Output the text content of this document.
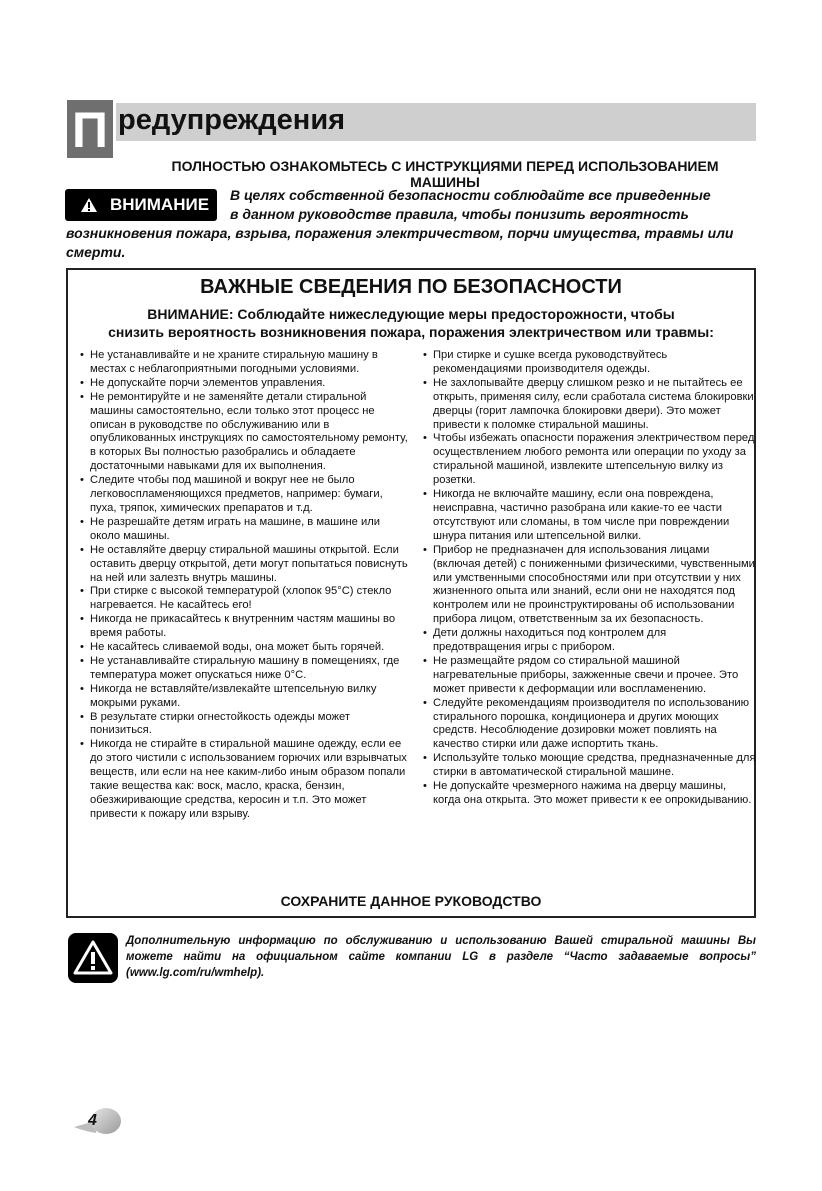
П редупреждения
ПОЛНОСТЬЮ ОЗНАКОМЬТЕСЬ С ИНСТРУКЦИЯМИ ПЕРЕД ИСПОЛЬЗОВАНИЕМ МАШИНЫ
ВНИМАНИЕ В целях собственной безопасности соблюдайте все приведенные
в данном руководстве правила, чтобы понизить вероятность
возникновения пожара, взрыва, поражения электричеством, порчи имущества, травмы или смерти.
ВАЖНЫЕ СВЕДЕНИЯ ПО БЕЗОПАСНОСТИ
ВНИМАНИЕ: Соблюдайте нижеследующие меры предосторожности, чтобы
снизить вероятность возникновения пожара, поражения электричеством или травмы:
• Не устанавливайте и не храните стиральную машину в местах с неблагоприятными погодными условиями.
• Не допускайте порчи элементов управления.
• Не ремонтируйте и не заменяйте детали стиральной машины самостоятельно, если только этот процесс не описан в руководстве по обслуживанию или в опубликованных инструкциях по самостоятельному ремонту, в которых Вы полностью разобрались и обладаете достаточными навыками для их выполнения.
• Следите чтобы под машиной и вокруг нее не было легковоспламеняющихся предметов, например: бумаги, пуха, тряпок, химических препаратов и т.д.
• Не разрешайте детям играть на машине, в машине или около машины.
• Не оставляйте дверцу стиральной машины открытой. Если оставить дверцу открытой, дети могут попытаться повиснуть на ней или залезть внутрь машины.
• При стирке с высокой температурой (хлопок 95°C) стекло нагревается. Не касайтесь его!
• Никогда не прикасайтесь к внутренним частям машины во время работы.
• Не касайтесь сливаемой воды, она может быть горячей.
• Не устанавливайте стиральную машину в помещениях, где температура может опускаться ниже 0°C.
• Никогда не вставляйте/извлекайте штепсельную вилку мокрыми руками.
• В результате стирки огнестойкость одежды может понизиться.
• Никогда не стирайте в стиральной машине одежду, если ее до этого чистили с использованием горючих или взрывчатых веществ, или если на нее каким-либо иным образом попали такие вещества как: воск, масло, краска, бензин, обезжиривающие средства, керосин и т.п. Это может привести к пожару или взрыву.
• При стирке и сушке всегда руководствуйтесь рекомендациями производителя одежды.
• Не захлопывайте дверцу слишком резко и не пытайтесь ее открыть, применяя силу, если сработала система блокировки дверцы (горит лампочка блокировки двери). Это может привести к поломке стиральной машины.
• Чтобы избежать опасности поражения электричеством перед осуществлением любого ремонта или операции по уходу за стиральной машиной, извлеките штепсельную вилку из розетки.
• Никогда не включайте машину, если она повреждена, неисправна, частично разобрана или какие-то ее части отсутствуют или сломаны, в том числе при повреждении шнура питания или штепсельной вилки.
• Прибор не предназначен для использования лицами (включая детей) с пониженными физическими, чувственными или умственными способностями или при отсутствии у них жизненного опыта или знаний, если они не находятся под контролем или не проинструктированы об использовании прибора лицом, ответственным за их безопасность.
• Дети должны находиться под контролем для предотвращения игры с прибором.
• Не размещайте рядом со стиральной машиной нагревательные приборы, зажженные свечи и прочее. Это может привести к деформации или воспламенению.
• Следуйте рекомендациям производителя по использованию стирального порошка, кондиционера и других моющих средств. Несоблюдение дозировки может повлиять на качество стирки или даже испортить ткань.
• Используйте только моющие средства, предназначенные для стирки в автоматической стиральной машине.
• Не допускайте чрезмерного нажима на дверцу машины, когда она открыта. Это может привести к ее опрокидыванию.
СОХРАНИТЕ ДАННОЕ РУКОВОДСТВО
Дополнительную информацию по обслуживанию и использованию Вашей стиральной машины Вы можете найти на официальном сайте компании LG в разделе “Часто задаваемые вопросы” (www.lg.com/ru/wmhelp).
4
